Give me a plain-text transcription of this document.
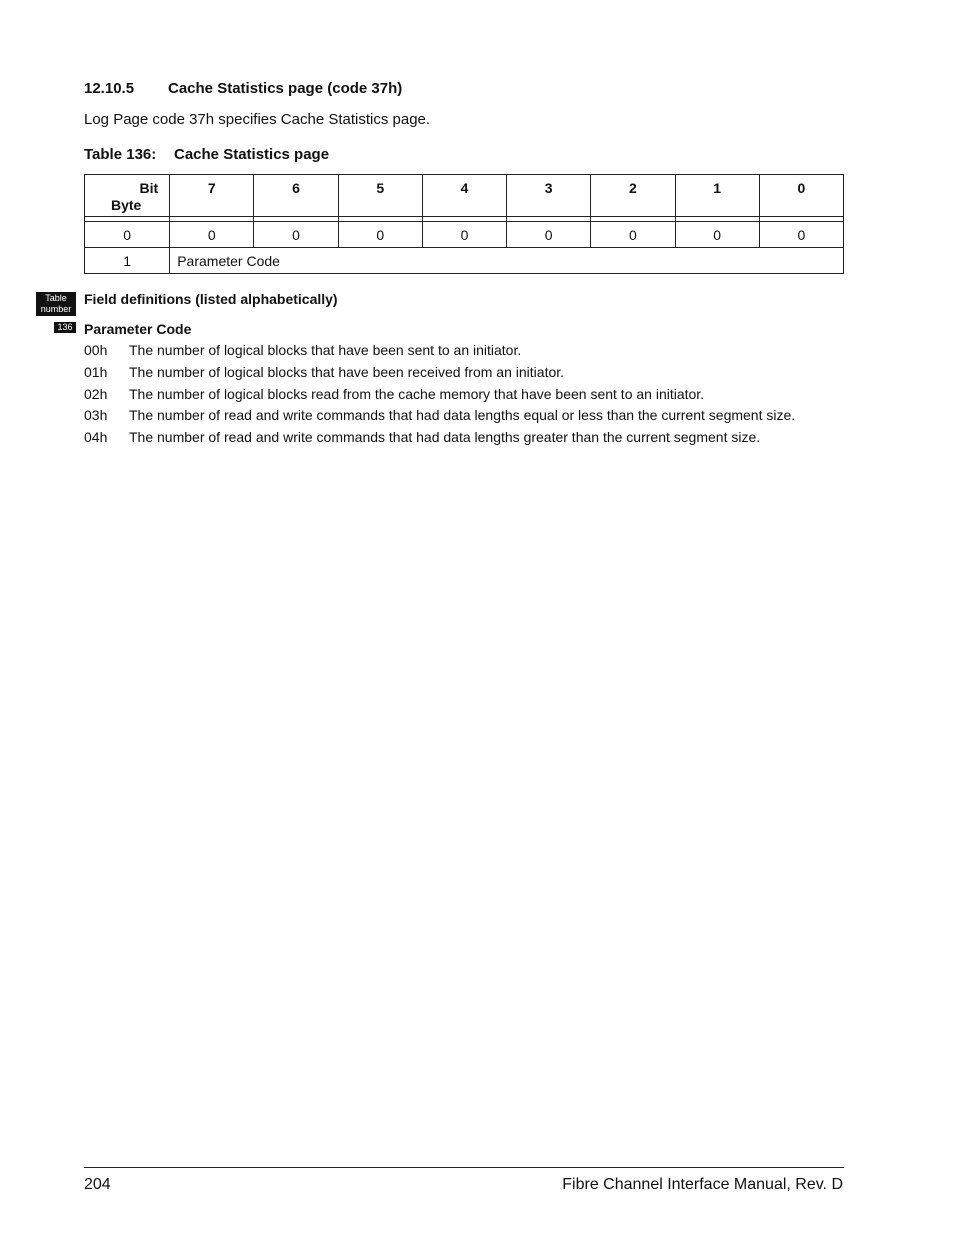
12.10.5 Cache Statistics page (code 37h)
Log Page code 37h specifies Cache Statistics page.
Table 136: Cache Statistics page
Bit
Byte	7	6	5	4	3	2	1	0

0	0	0	0	0	0	0	0	0
1	Parameter Code							
Table
number
136
Field definitions (listed alphabetically)
Parameter Code
00h The number of logical blocks that have been sent to an initiator.
01h The number of logical blocks that have been received from an initiator.
02h The number of logical blocks read from the cache memory that have been sent to an initiator.
03h The number of read and write commands that had data lengths equal or less than the current segment size.
04h The number of read and write commands that had data lengths greater than the current segment size.
204	Fibre Channel Interface Manual, Rev. D
